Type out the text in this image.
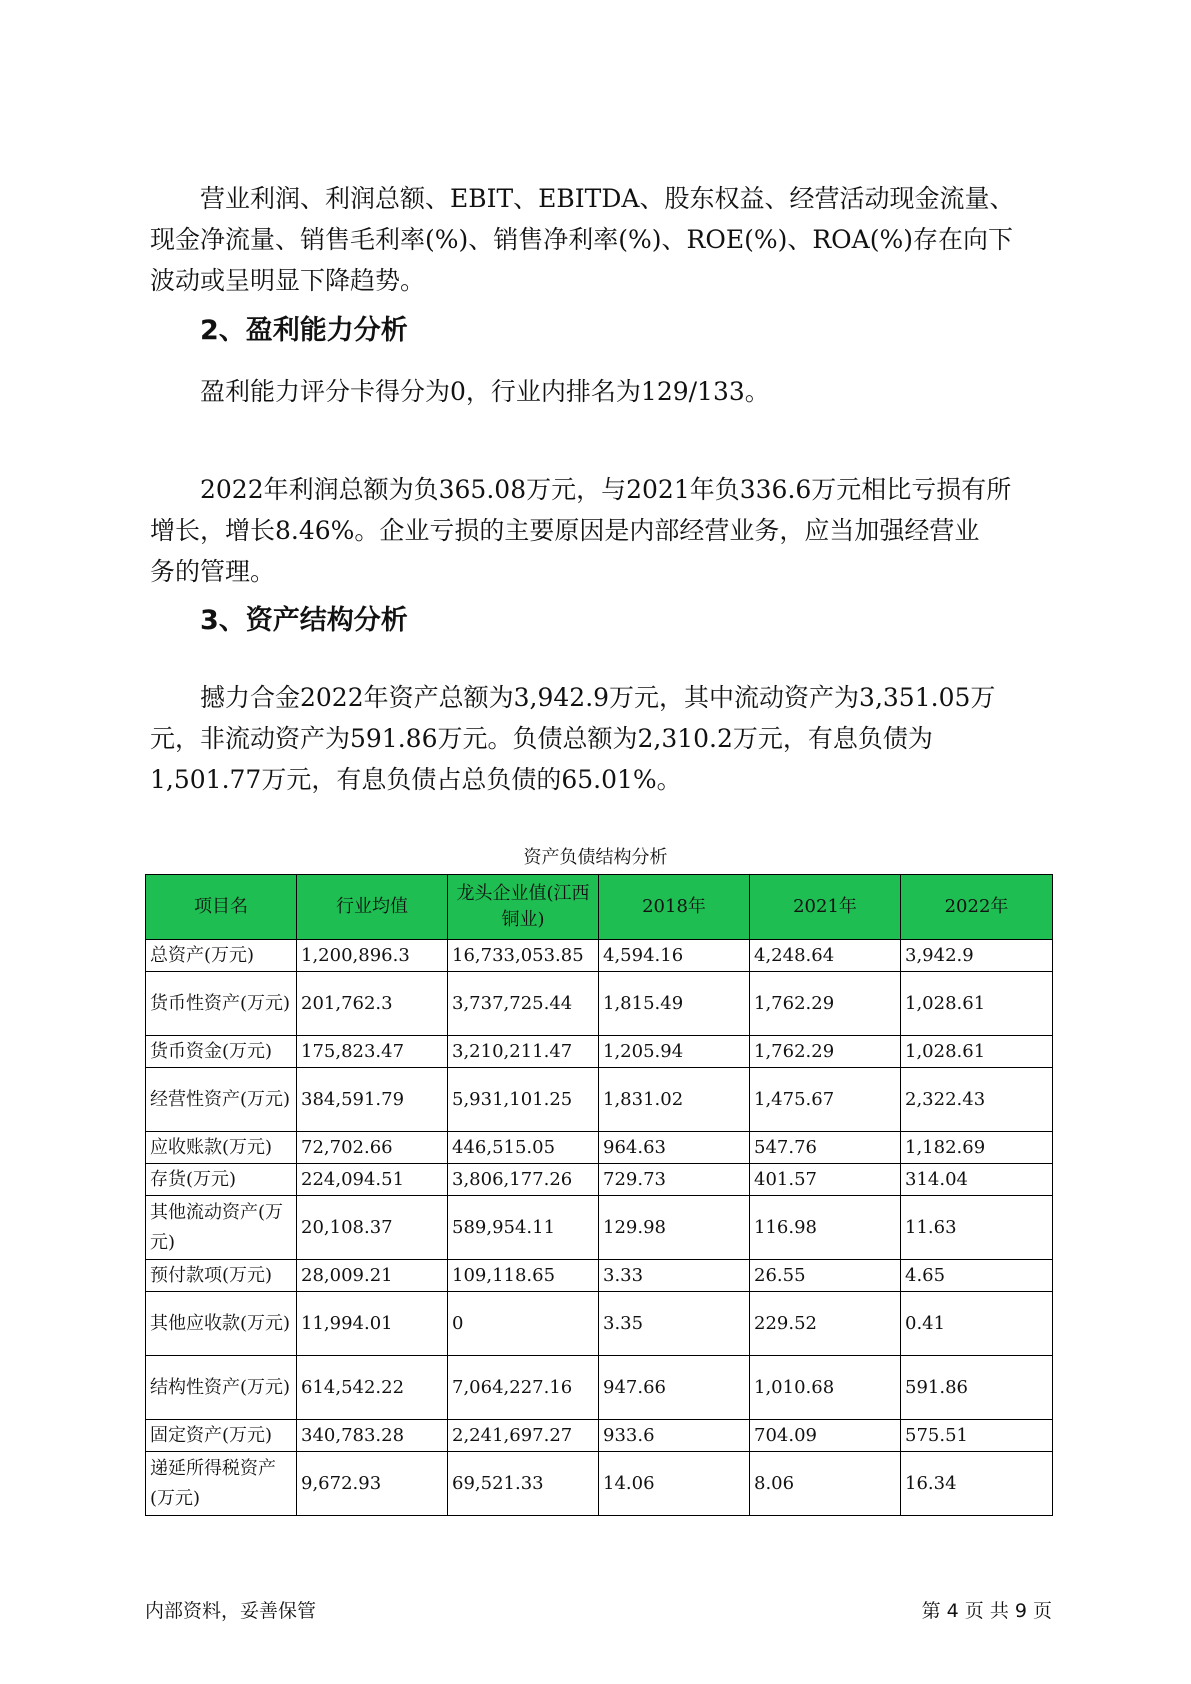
营业利润、利润总额、EBIT、EBITDA、股东权益、经营活动现金流量、
现金净流量、销售毛利率(%)、销售净利率(%)、ROE(%)、ROA(%)存在向下
波动或呈明显下降趋势。
2、盈利能力分析
盈利能力评分卡得分为0，行业内排名为129/133。
2022年利润总额为负365.08万元，与2021年负336.6万元相比亏损有所
增长，增长8.46%。企业亏损的主要原因是内部经营业务，应当加强经营业
务的管理。
3、资产结构分析
撼力合金2022年资产总额为3,942.9万元，其中流动资产为3,351.05万
元，非流动资产为591.86万元。负债总额为2,310.2万元，有息负债为
1,501.77万元，有息负债占总负债的65.01%。
资产负债结构分析
项目名	行业均值	龙头企业值(江西铜业)	2018年	2021年	2022年
总资产(万元)	1,200,896.3	16,733,053.85	4,594.16	4,248.64	3,942.9
货币性资产(万元)	201,762.3	3,737,725.44	1,815.49	1,762.29	1,028.61
货币资金(万元)	175,823.47	3,210,211.47	1,205.94	1,762.29	1,028.61
经营性资产(万元)	384,591.79	5,931,101.25	1,831.02	1,475.67	2,322.43
应收账款(万元)	72,702.66	446,515.05	964.63	547.76	1,182.69
存货(万元)	224,094.51	3,806,177.26	729.73	401.57	314.04
其他流动资产(万元)	20,108.37	589,954.11	129.98	116.98	11.63
预付款项(万元)	28,009.21	109,118.65	3.33	26.55	4.65
其他应收款(万元)	11,994.01	0	3.35	229.52	0.41
结构性资产(万元)	614,542.22	7,064,227.16	947.66	1,010.68	591.86
固定资产(万元)	340,783.28	2,241,697.27	933.6	704.09	575.51
递延所得税资产(万元)	9,672.93	69,521.33	14.06	8.06	16.34
内部资料，妥善保管	第 4 页 共 9 页
